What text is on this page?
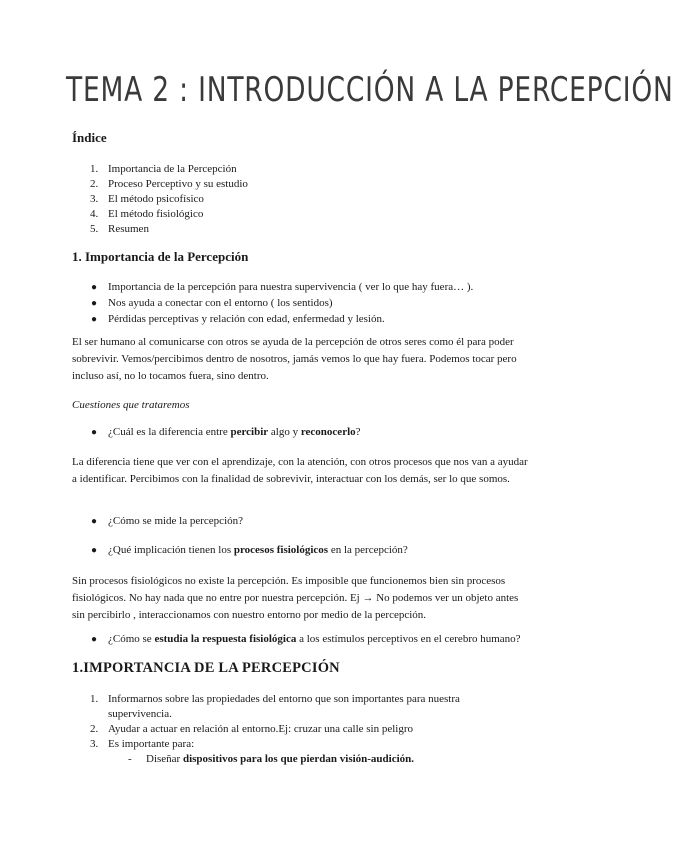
TEMA 2 : INTRODUCCIÓN A LA PERCEPCIÓN
Índice
1. Importancia de la Percepción
2. Proceso Perceptivo y su estudio
3. El método psicofísico
4. El método fisiológico
5. Resumen
1. Importancia de la Percepción
● Importancia de la percepción para nuestra supervivencia ( ver lo que hay fuera… ).
● Nos ayuda a conectar con el entorno ( los sentidos)
● Pérdidas perceptivas y relación con edad, enfermedad y lesión.
El ser humano al comunicarse con otros se ayuda de la percepción de otros seres como él para poder sobrevivir. Vemos/percibimos dentro de nosotros, jamás vemos lo que hay fuera. Podemos tocar pero incluso así, no lo tocamos fuera, sino dentro.
Cuestiones que trataremos
● ¿Cuál es la diferencia entre percibir algo y reconocerlo?
La diferencia tiene que ver con el aprendizaje, con la atención, con otros procesos que nos van a ayudar a identificar. Percibimos con la finalidad de sobrevivir, interactuar con los demás, ser lo que somos.
● ¿Cómo se mide la percepción?
● ¿Qué implicación tienen los procesos fisiológicos en la percepción?
Sin procesos fisiológicos no existe la percepción. Es imposible que funcionemos bien sin procesos fisiológicos. No hay nada que no entre por nuestra percepción. Ej → No podemos ver un objeto antes sin percibirlo , interaccionamos con nuestro entorno por medio de la percepción.
● ¿Cómo se estudia la respuesta fisiológica a los estímulos perceptivos en el cerebro humano?
1.IMPORTANCIA DE LA PERCEPCIÓN
1. Informarnos sobre las propiedades del entorno que son importantes para nuestra supervivencia.
2. Ayudar a actuar en relación al entorno.Ej: cruzar una calle sin peligro
3. Es importante para:
- Diseñar dispositivos para los que pierdan visión-audición.
